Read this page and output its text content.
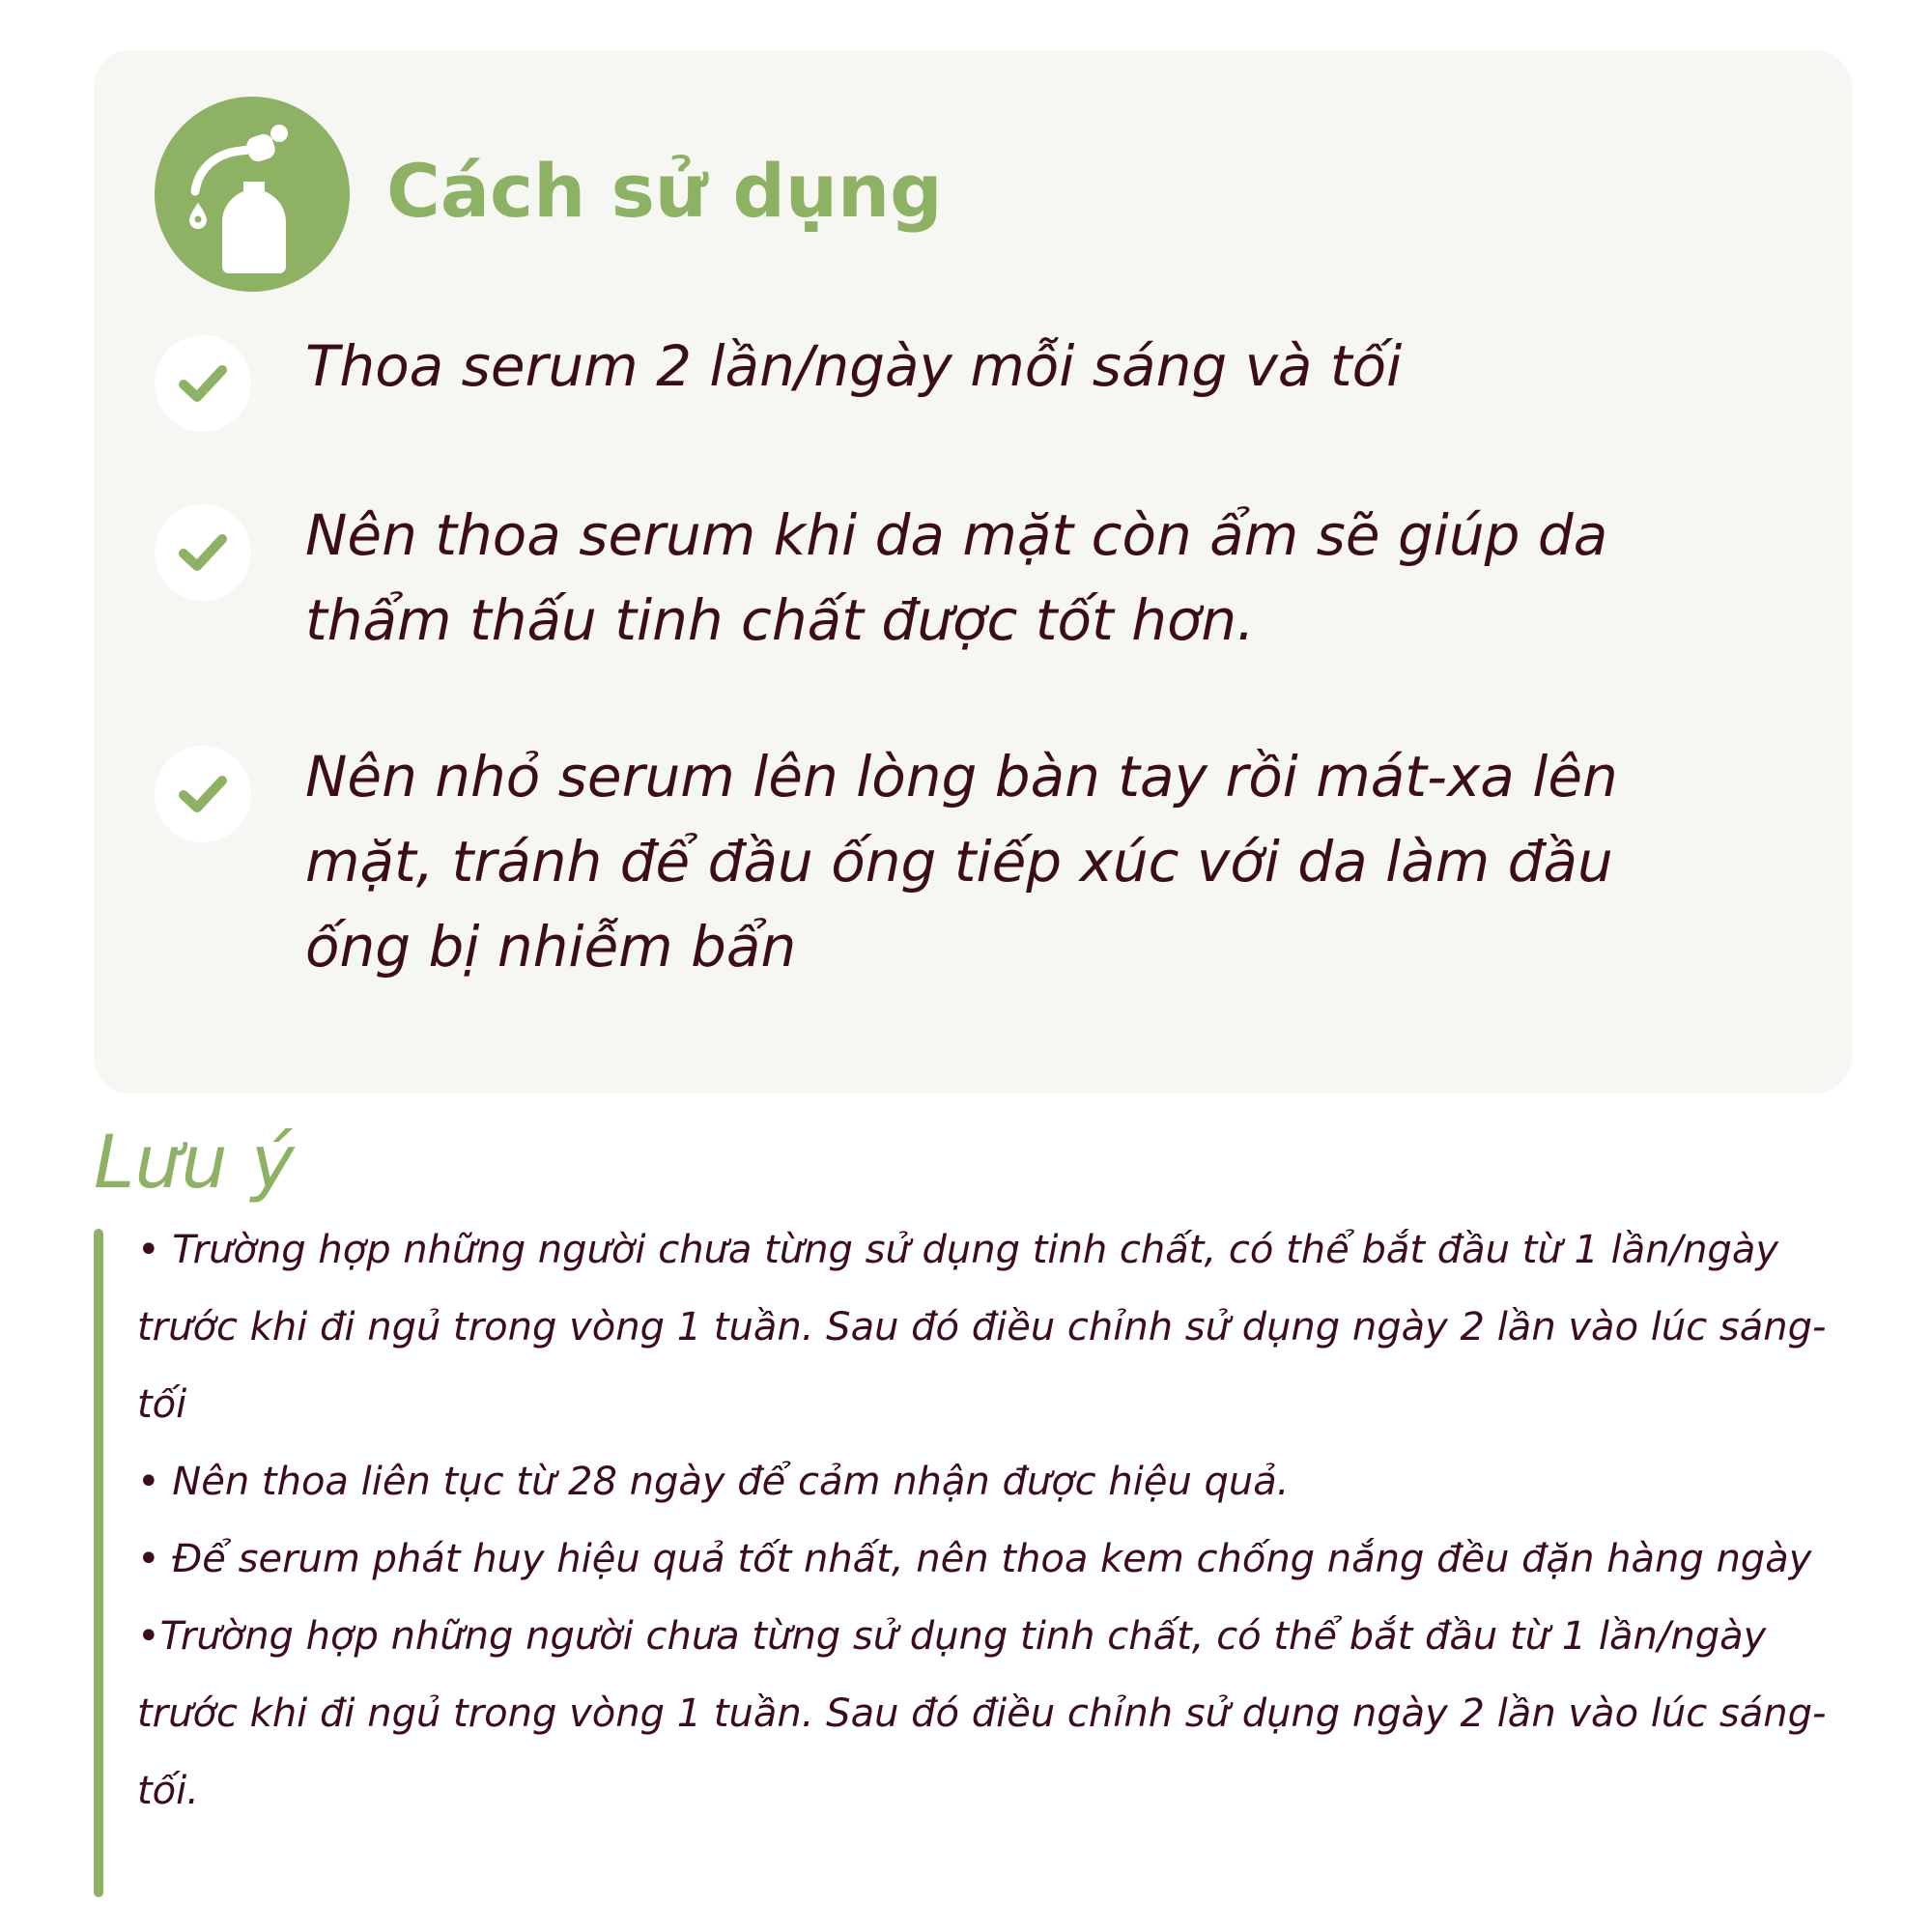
Cách sử dụng

Thoa serum 2 lần/ngày mỗi sáng và tối

Nên thoa serum khi da mặt còn ẩm sẽ giúp da thẩm thấu tinh chất được tốt hơn.

Nên nhỏ serum lên lòng bàn tay rồi mát-xa lên mặt, tránh để đầu ống tiếp xúc với da làm đầu ống bị nhiễm bẩn

Lưu ý
• Trường hợp những người chưa từng sử dụng tinh chất, có thể bắt đầu từ 1 lần/ngày trước khi đi ngủ trong vòng 1 tuần. Sau đó điều chỉnh sử dụng ngày 2 lần vào lúc sáng-tối
• Nên thoa liên tục từ 28 ngày để cảm nhận được hiệu quả.
• Để serum phát huy hiệu quả tốt nhất, nên thoa kem chống nắng đều đặn hàng ngày
•Trường hợp những người chưa từng sử dụng tinh chất, có thể bắt đầu từ 1 lần/ngày trước khi đi ngủ trong vòng 1 tuần. Sau đó điều chỉnh sử dụng ngày 2 lần vào lúc sáng-tối.
